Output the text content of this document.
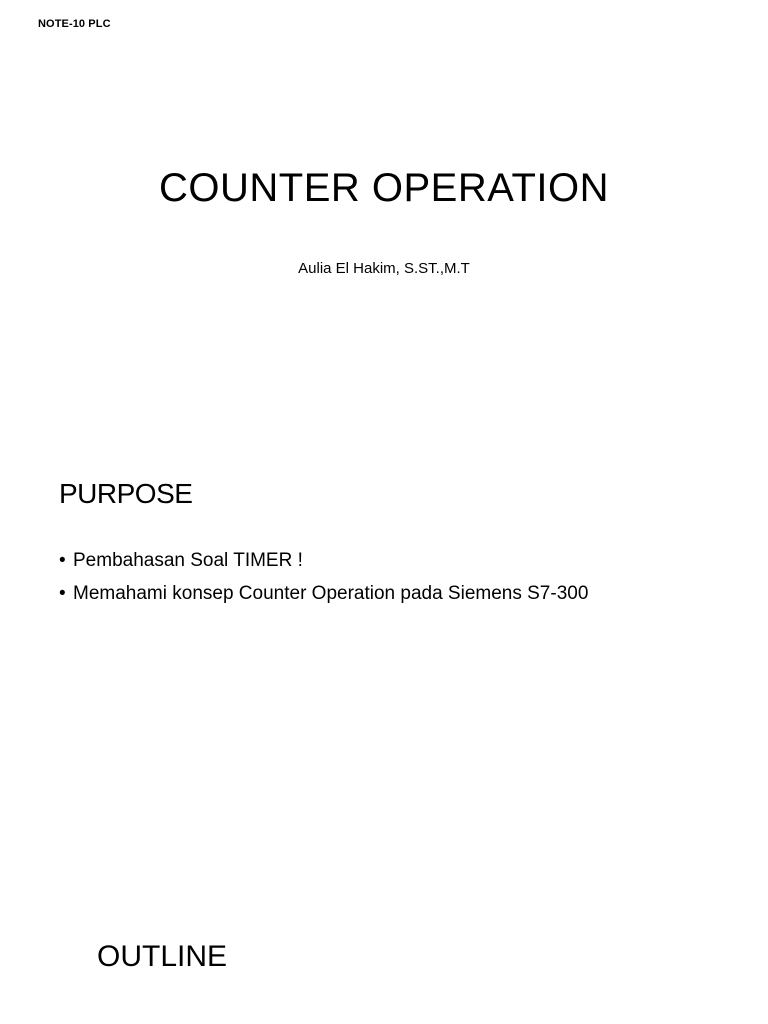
NOTE-10 PLC
COUNTER OPERATION
Aulia El Hakim, S.ST.,M.T
PURPOSE
• Pembahasan Soal TIMER !
• Memahami konsep Counter Operation pada Siemens S7-300
OUTLINE
